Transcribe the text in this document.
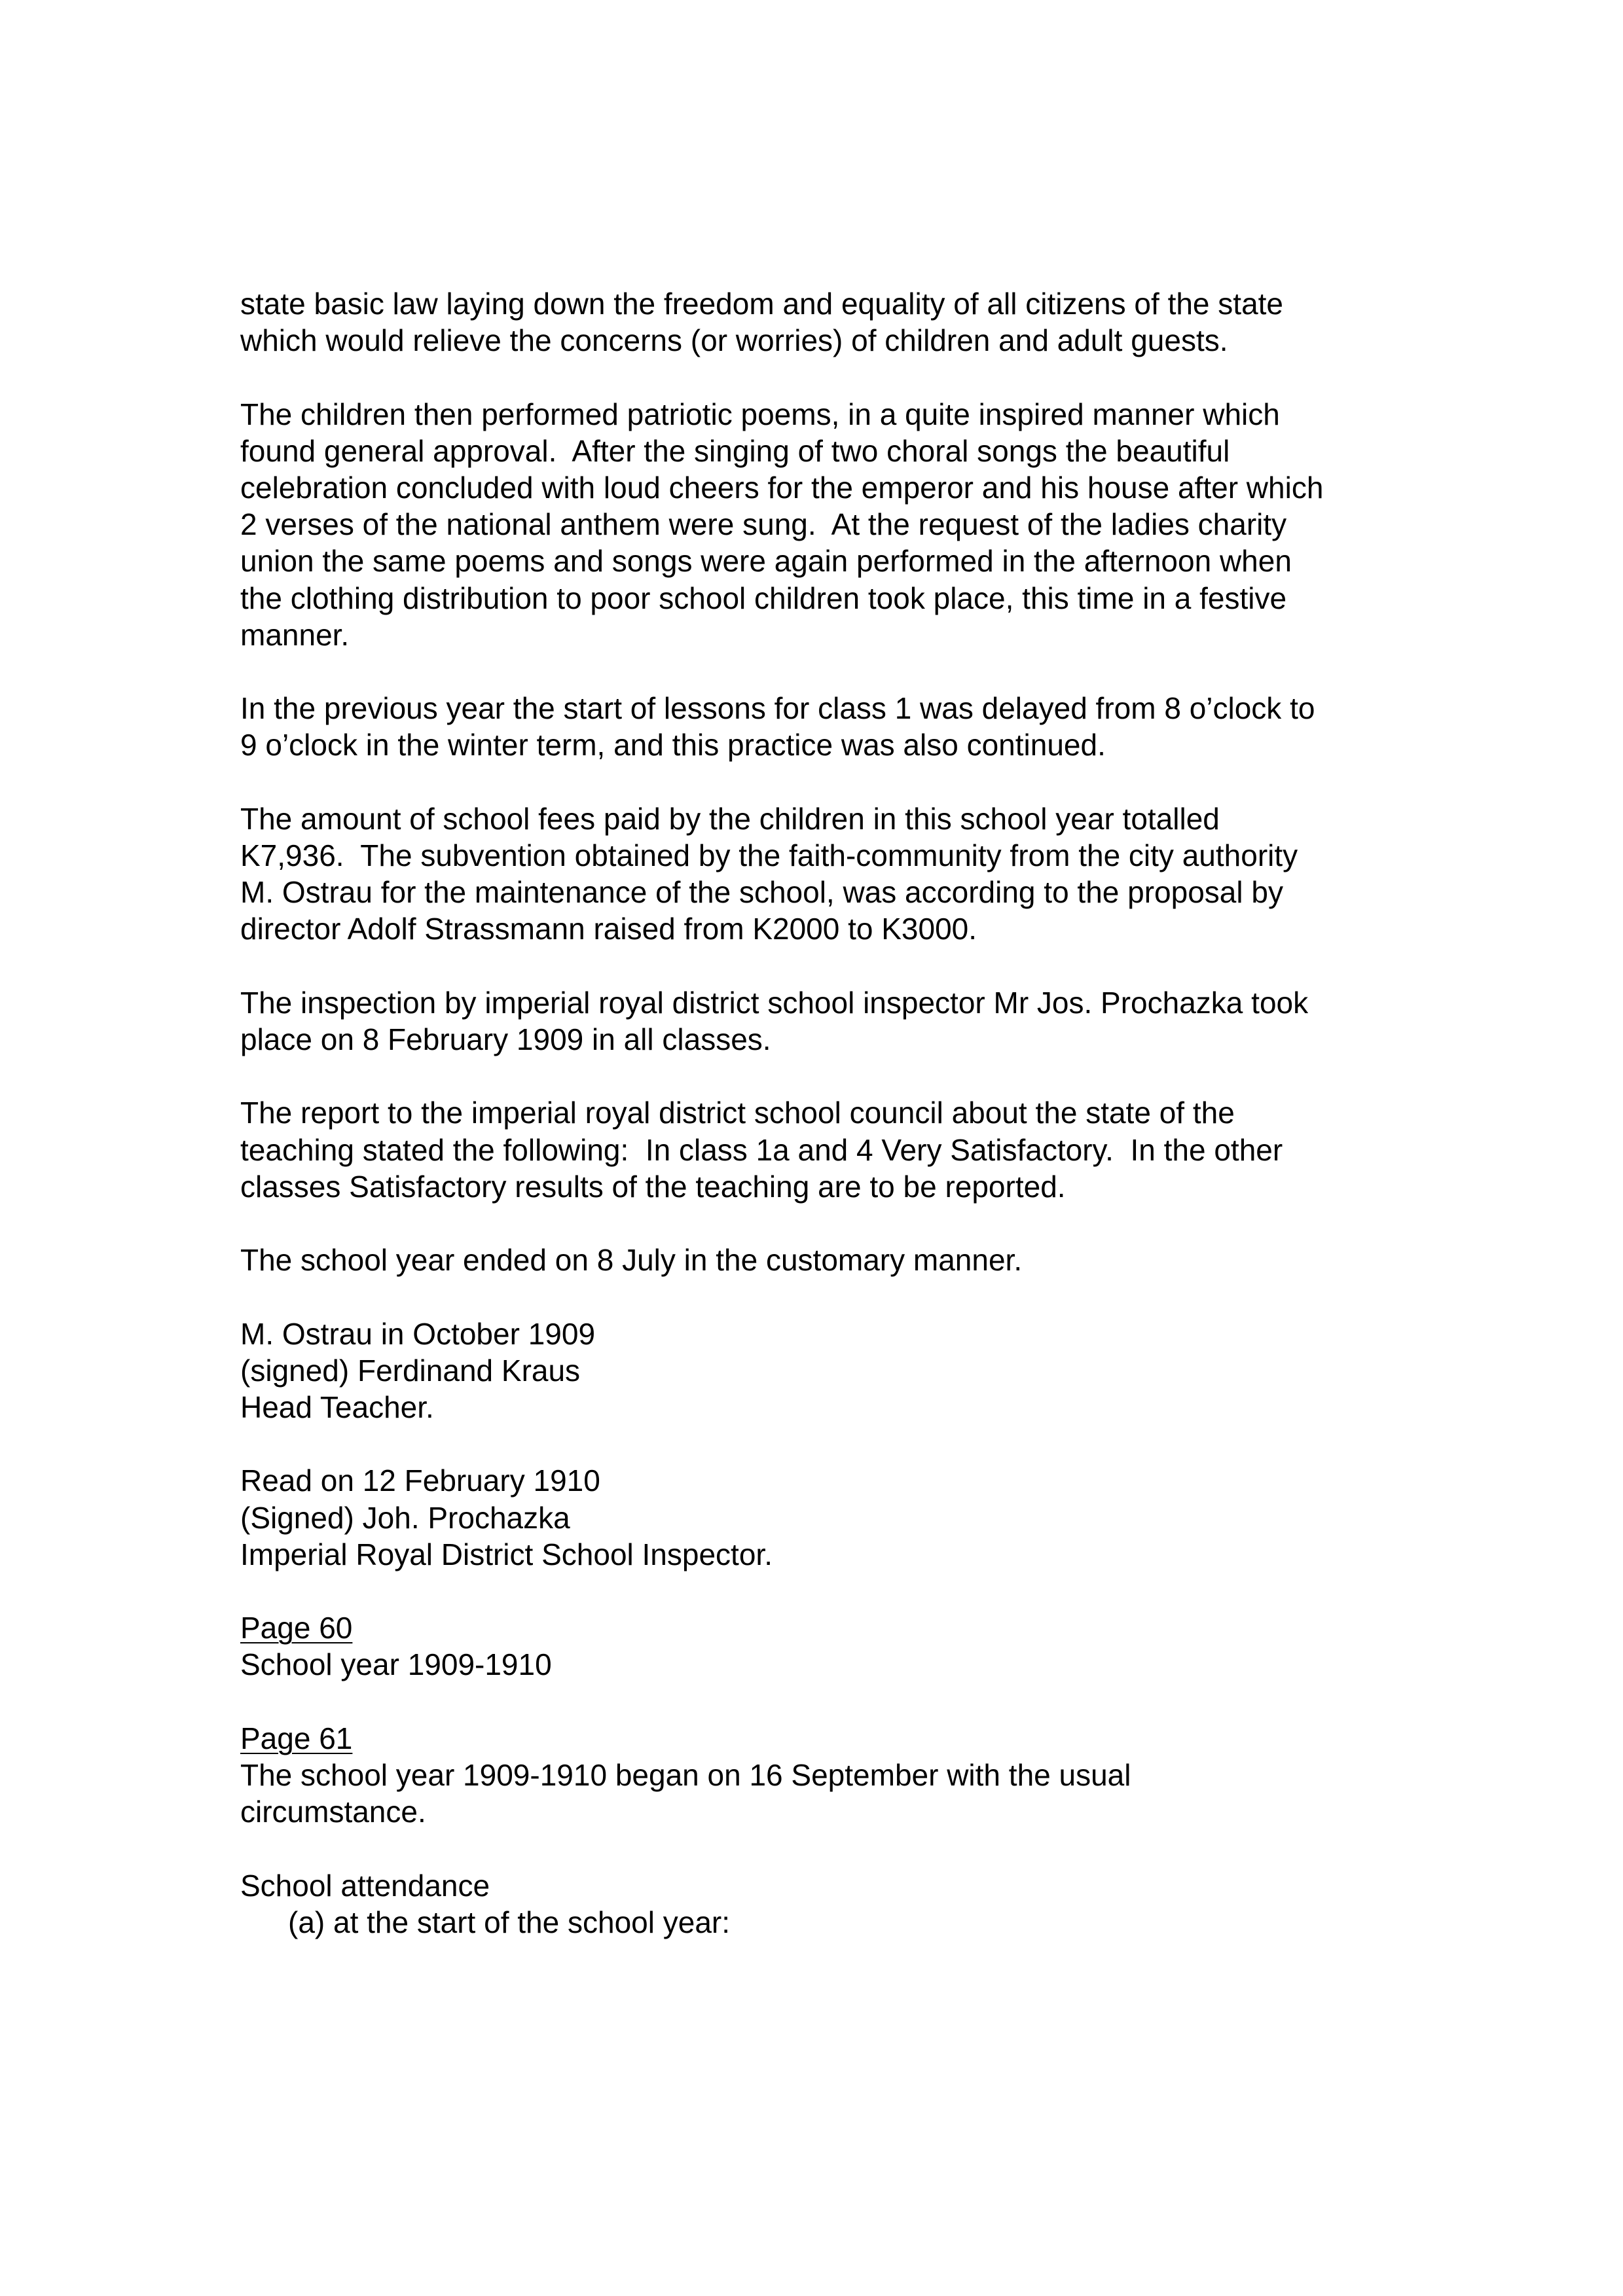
state basic law laying down the freedom and equality of all citizens of the state
which would relieve the concerns (or worries) of children and adult guests.
The children then performed patriotic poems, in a quite inspired manner which
found general approval.  After the singing of two choral songs the beautiful
celebration concluded with loud cheers for the emperor and his house after which
2 verses of the national anthem were sung.  At the request of the ladies charity
union the same poems and songs were again performed in the afternoon when
the clothing distribution to poor school children took place, this time in a festive
manner.
In the previous year the start of lessons for class 1 was delayed from 8 o’clock to
9 o’clock in the winter term, and this practice was also continued.
The amount of school fees paid by the children in this school year totalled
K7,936.  The subvention obtained by the faith-community from the city authority
M. Ostrau for the maintenance of the school, was according to the proposal by
director Adolf Strassmann raised from K2000 to K3000.
The inspection by imperial royal district school inspector Mr Jos. Prochazka took
place on 8 February 1909 in all classes.
The report to the imperial royal district school council about the state of the
teaching stated the following:  In class 1a and 4 Very Satisfactory.  In the other
classes Satisfactory results of the teaching are to be reported.
The school year ended on 8 July in the customary manner.
M. Ostrau in October 1909
(signed) Ferdinand Kraus
Head Teacher.
Read on 12 February 1910
(Signed) Joh. Prochazka
Imperial Royal District School Inspector.
Page 60
School year 1909-1910
Page 61
The school year 1909-1910 began on 16 September with the usual
circumstance.
School attendance
(a) at the start of the school year:
